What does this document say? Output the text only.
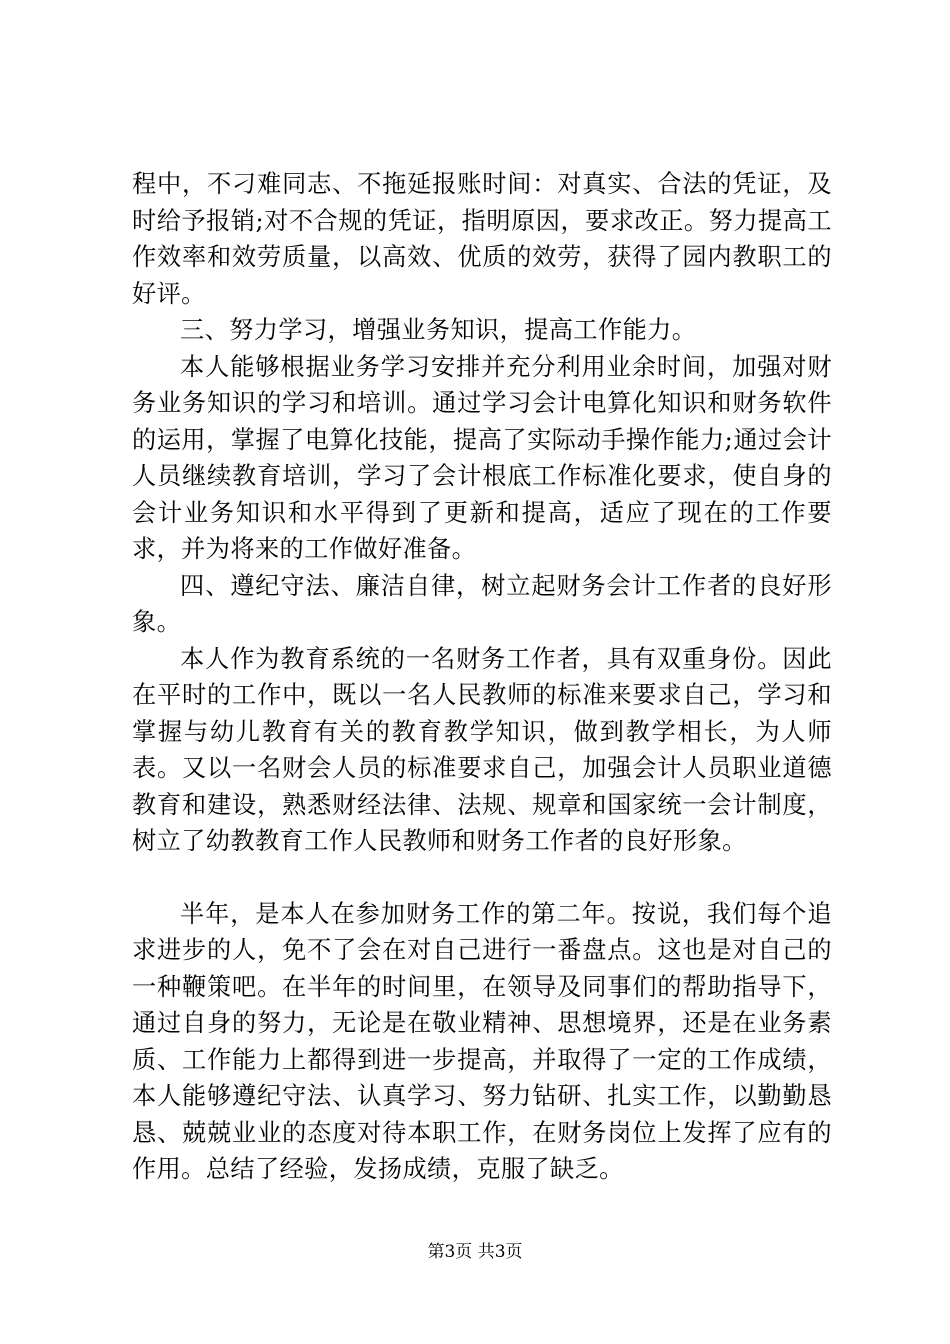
程中，不刁难同志、不拖延报账时间：对真实、合法的凭证，及时给予报销;对不合规的凭证，指明原因，要求改正。努力提高工作效率和效劳质量，以高效、优质的效劳，获得了园内教职工的好评。

三、努力学习，增强业务知识，提高工作能力。

本人能够根据业务学习安排并充分利用业余时间，加强对财务业务知识的学习和培训。通过学习会计电算化知识和财务软件的运用，掌握了电算化技能，提高了实际动手操作能力;通过会计人员继续教育培训，学习了会计根底工作标准化要求，使自身的会计业务知识和水平得到了更新和提高，适应了现在的工作要求，并为将来的工作做好准备。

四、遵纪守法、廉洁自律，树立起财务会计工作者的良好形象。

本人作为教育系统的一名财务工作者，具有双重身份。因此在平时的工作中，既以一名人民教师的标准来要求自己，学习和掌握与幼儿教育有关的教育教学知识，做到教学相长，为人师表。又以一名财会人员的标准要求自己，加强会计人员职业道德教育和建设，熟悉财经法律、法规、规章和国家统一会计制度，树立了幼教教育工作人民教师和财务工作者的良好形象。

半年，是本人在参加财务工作的第二年。按说，我们每个追求进步的人，免不了会在对自己进行一番盘点。这也是对自己的一种鞭策吧。在半年的时间里，在领导及同事们的帮助指导下，通过自身的努力，无论是在敬业精神、思想境界，还是在业务素质、工作能力上都得到进一步提高，并取得了一定的工作成绩，本人能够遵纪守法、认真学习、努力钻研、扎实工作，以勤勤恳恳、兢兢业业的态度对待本职工作，在财务岗位上发挥了应有的作用。总结了经验，发扬成绩，克服了缺乏。

第3页 共3页
